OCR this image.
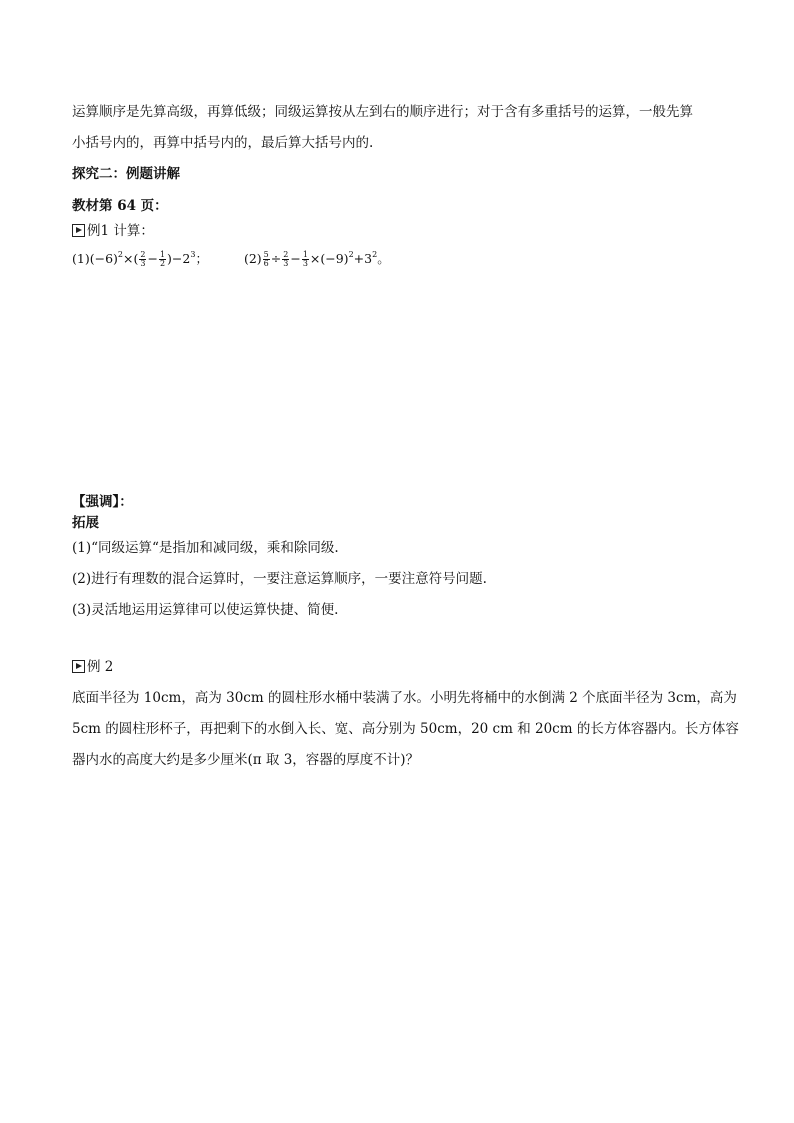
运算顺序是先算高级，再算低级；同级运算按从左到右的顺序进行；对于含有多重括号的运算，一般先算
小括号内的，再算中括号内的，最后算大括号内的.
探究二：例题讲解
教材第 64 页：
例1 计算：
$(1)(-6)^2\times( \frac{2}{3} - \frac{1}{2} )-2^3$；	$(2) \frac{5}{6} \div \frac{2}{3} - \frac{1}{3} \times(-9)^2+3^2$。
【强调】：
拓展
(1)“同级运算“是指加和减同级，乘和除同级.
(2)进行有理数的混合运算时，一要注意运算顺序，一要注意符号问题.
(3)灵活地运用运算律可以使运算快捷、简便.
例 2
底面半径为 10cm，高为 30cm 的圆柱形水桶中装满了水。小明先将桶中的水倒满 2 个底面半径为 3cm，高为
5cm 的圆柱形杯子，再把剩下的水倒入长、宽、高分别为 50cm，20 cm 和 20cm 的长方体容器内。长方体容
器内水的高度大约是多少厘米(π 取 3，容器的厚度不计)？
